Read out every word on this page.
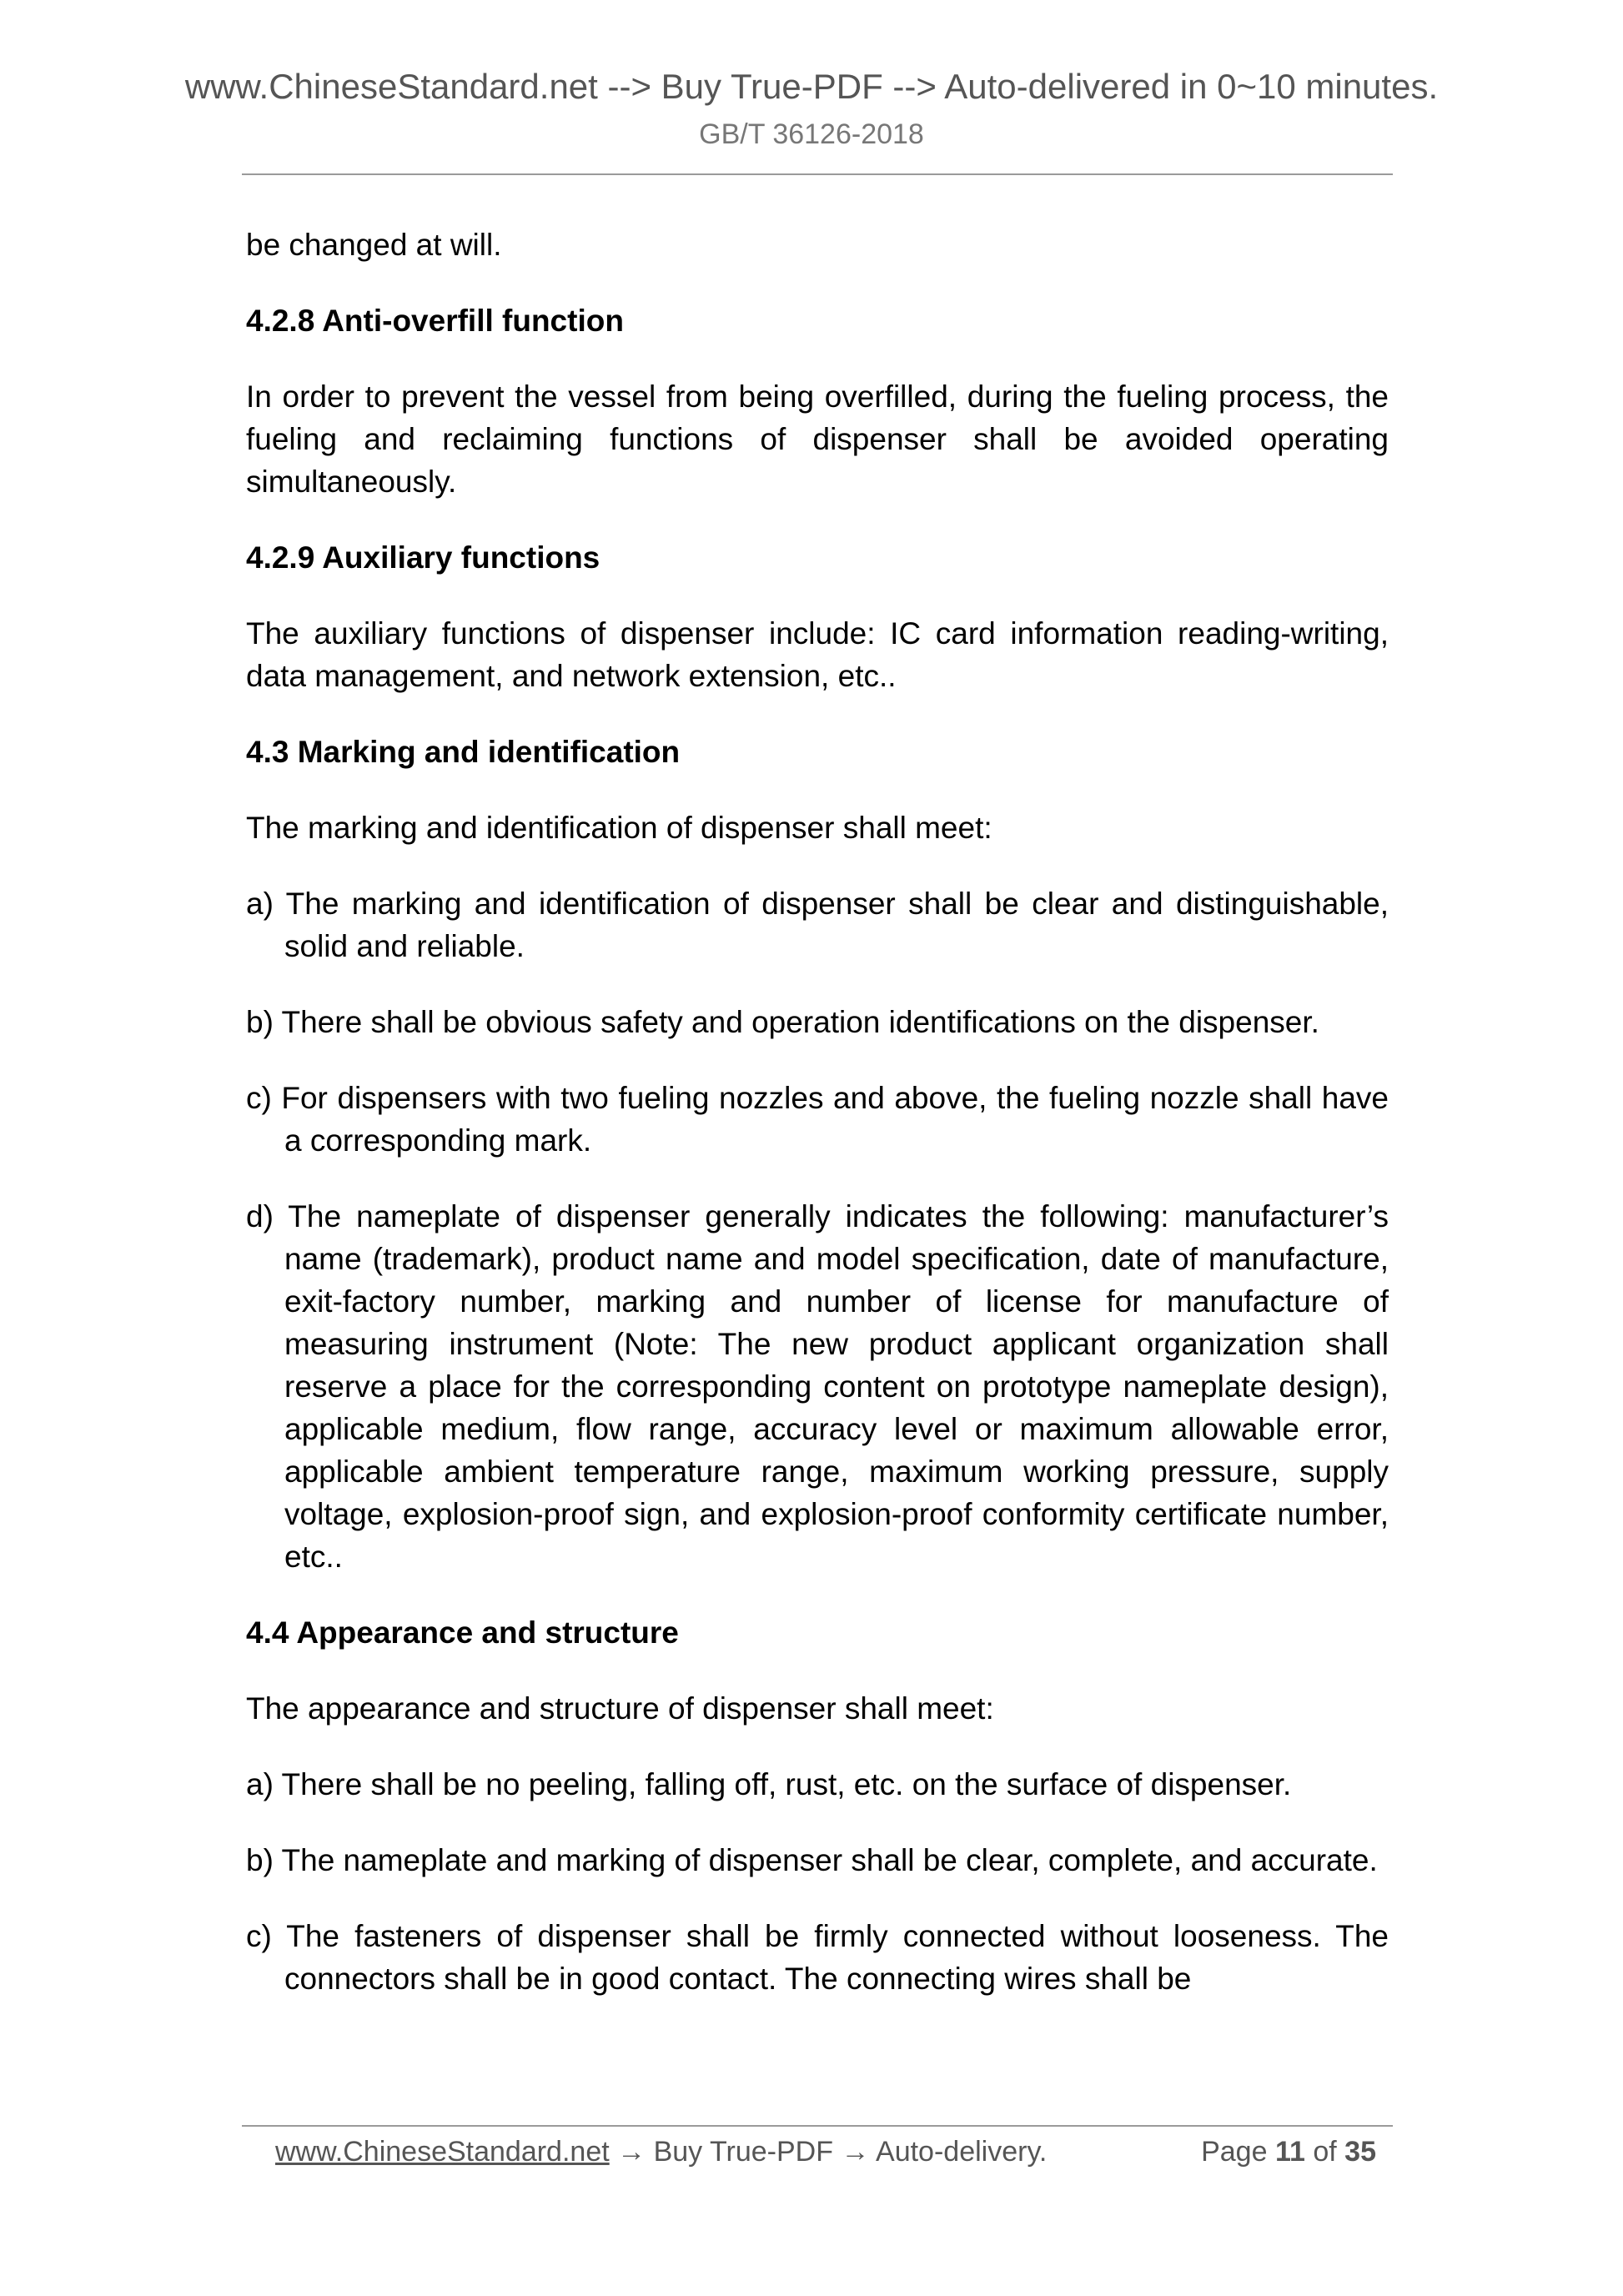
www.ChineseStandard.net --> Buy True-PDF --> Auto-delivered in 0~10 minutes.
GB/T 36126-2018

be changed at will.

4.2.8 Anti-overfill function

In order to prevent the vessel from being overfilled, during the fueling process, the fueling and reclaiming functions of dispenser shall be avoided operating simultaneously.

4.2.9 Auxiliary functions

The auxiliary functions of dispenser include: IC card information reading-writing, data management, and network extension, etc..

4.3 Marking and identification

The marking and identification of dispenser shall meet:

a) The marking and identification of dispenser shall be clear and distinguishable, solid and reliable.

b) There shall be obvious safety and operation identifications on the dispenser.

c) For dispensers with two fueling nozzles and above, the fueling nozzle shall have a corresponding mark.

d) The nameplate of dispenser generally indicates the following: manufacturer’s name (trademark), product name and model specification, date of manufacture, exit-factory number, marking and number of license for manufacture of measuring instrument (Note: The new product applicant organization shall reserve a place for the corresponding content on prototype nameplate design), applicable medium, flow range, accuracy level or maximum allowable error, applicable ambient temperature range, maximum working pressure, supply voltage, explosion-proof sign, and explosion-proof conformity certificate number, etc..

4.4 Appearance and structure

The appearance and structure of dispenser shall meet:

a) There shall be no peeling, falling off, rust, etc. on the surface of dispenser.

b) The nameplate and marking of dispenser shall be clear, complete, and accurate.

c) The fasteners of dispenser shall be firmly connected without looseness. The connectors shall be in good contact. The connecting wires shall be

www.ChineseStandard.net → Buy True-PDF → Auto-delivery.	Page 11 of 35
